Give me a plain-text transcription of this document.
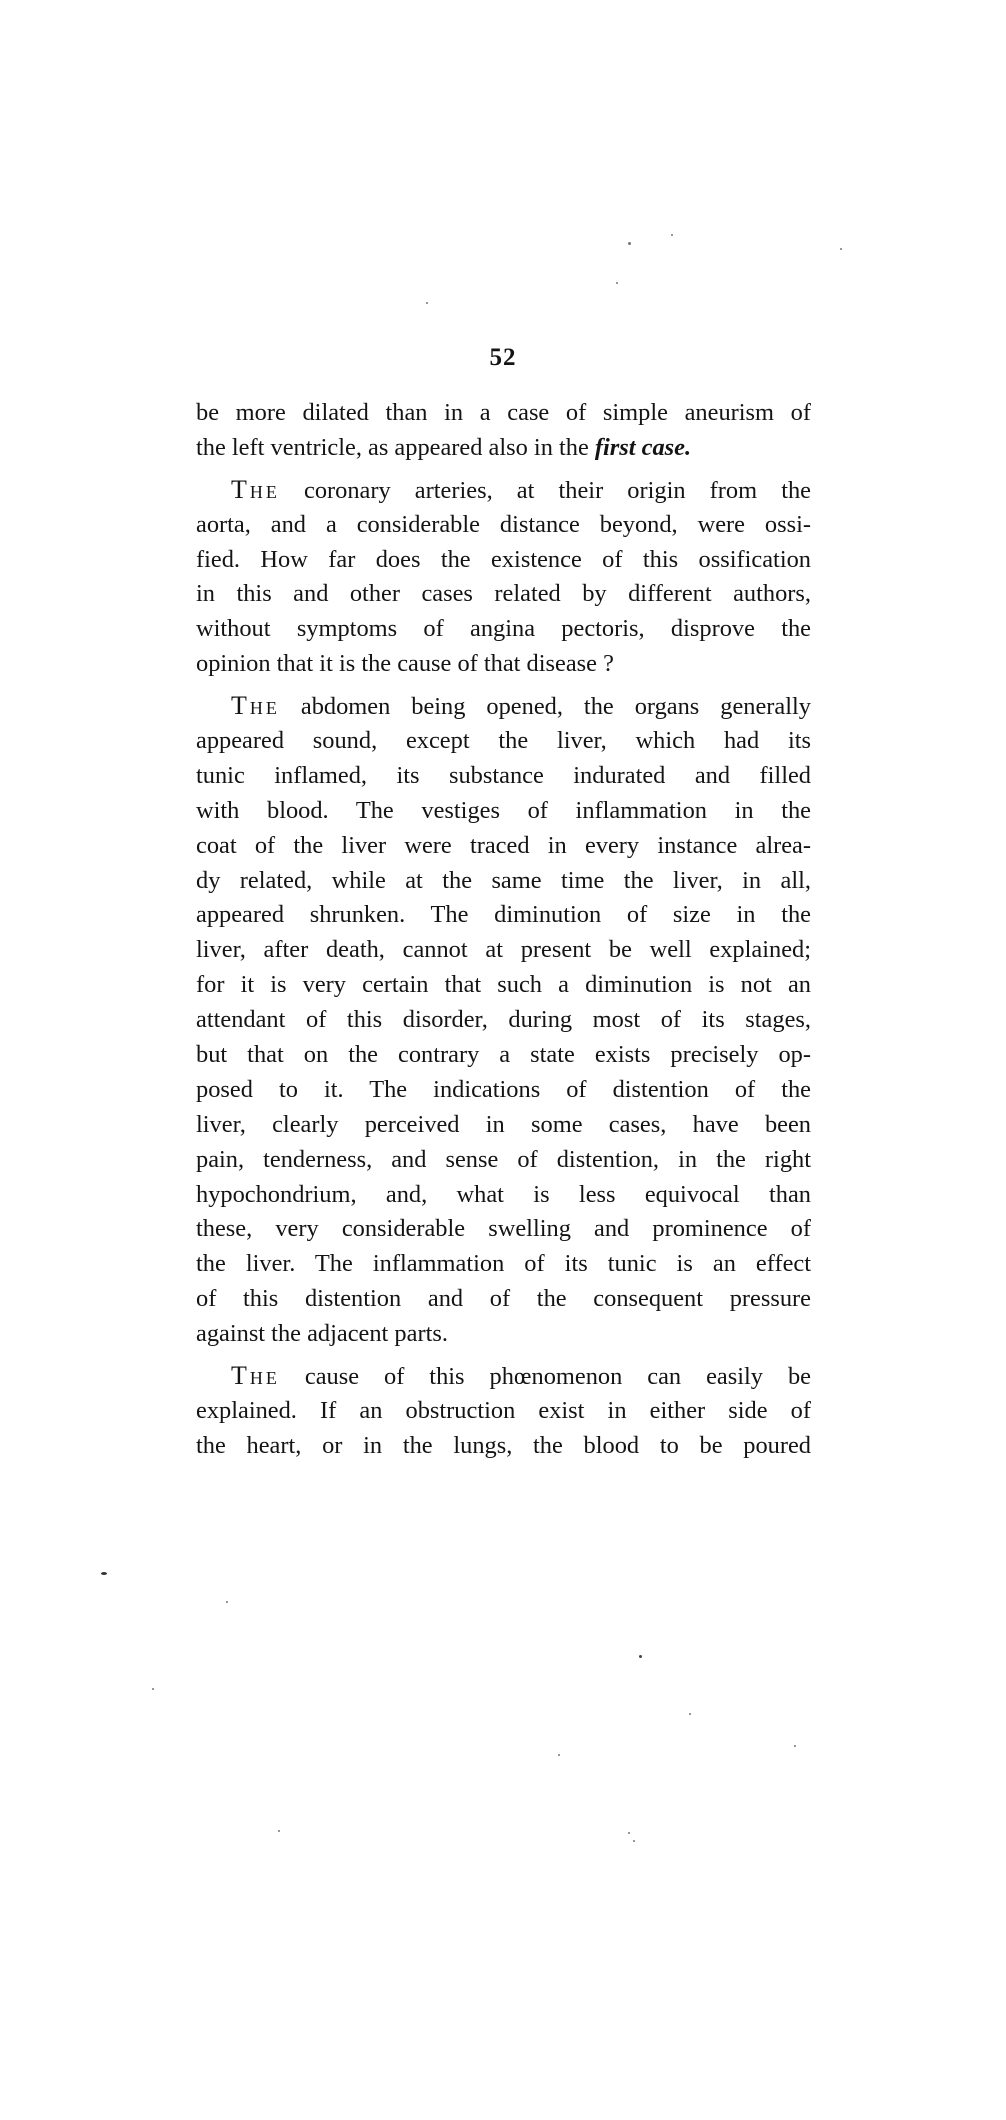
52
be more dilated than in a case of simple aneurism of
the left ventricle, as appeared also in the first case.
The coronary arteries, at their origin from the
aorta, and a considerable distance beyond, were ossi-
fied. How far does the existence of this ossification
in this and other cases related by different authors,
without symptoms of angina pectoris, disprove the
opinion that it is the cause of that disease ?
The abdomen being opened, the organs generally
appeared sound, except the liver, which had its
tunic inflamed, its substance indurated and filled
with blood. The vestiges of inflammation in the
coat of the liver were traced in every instance alrea-
dy related, while at the same time the liver, in all,
appeared shrunken. The diminution of size in the
liver, after death, cannot at present be well explained;
for it is very certain that such a diminution is not an
attendant of this disorder, during most of its stages,
but that on the contrary a state exists precisely op-
posed to it. The indications of distention of the
liver, clearly perceived in some cases, have been
pain, tenderness, and sense of distention, in the right
hypochondrium, and, what is less equivocal than
these, very considerable swelling and prominence of
the liver. The inflammation of its tunic is an effect
of this distention and of the consequent pressure
against the adjacent parts.
The cause of this phœnomenon can easily be
explained. If an obstruction exist in either side of
the heart, or in the lungs, the blood to be poured
